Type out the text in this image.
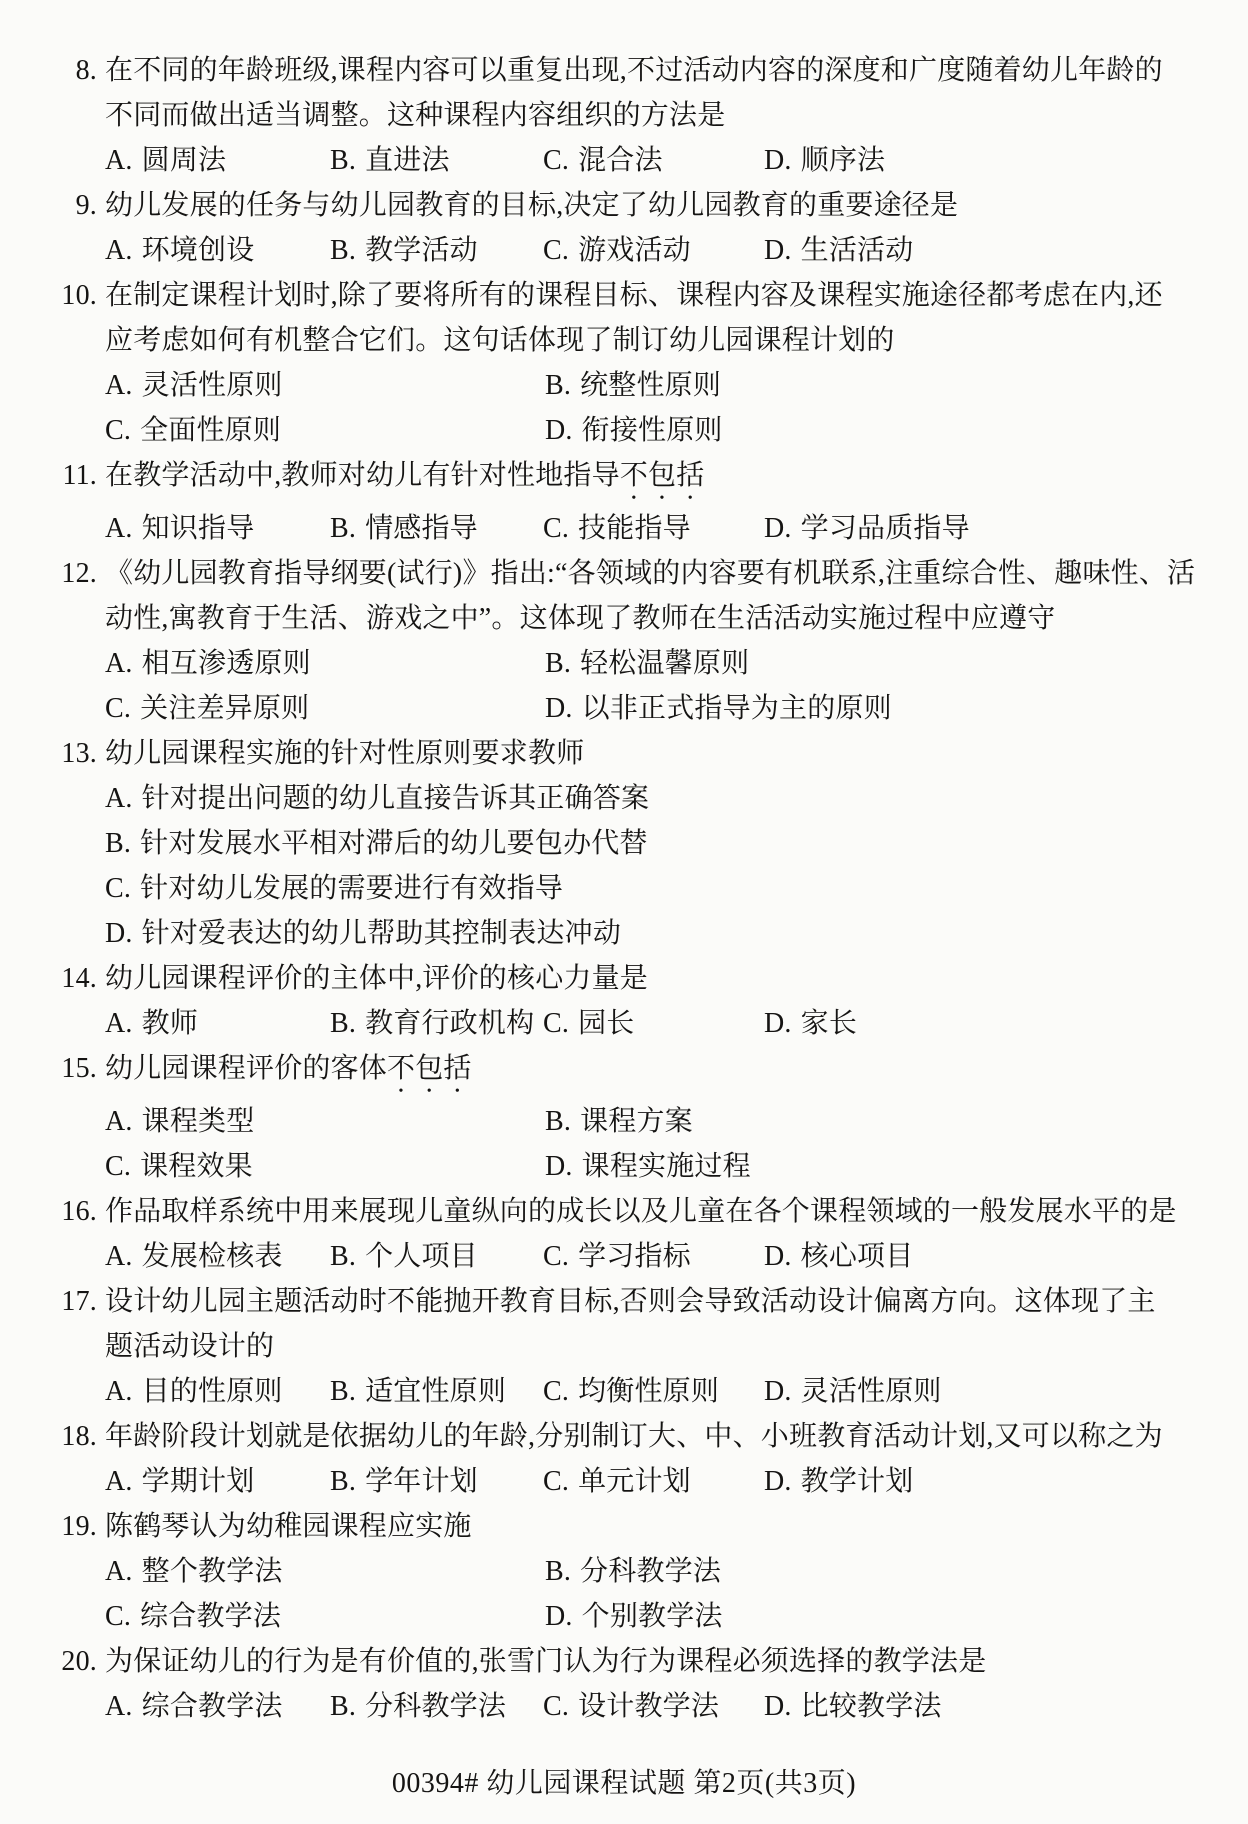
8. 在不同的年龄班级,课程内容可以重复出现,不过活动内容的深度和广度随着幼儿年龄的
不同而做出适当调整。这种课程内容组织的方法是
A. 圆周法	B. 直进法	C. 混合法	D. 顺序法
9. 幼儿发展的任务与幼儿园教育的目标,决定了幼儿园教育的重要途径是
A. 环境创设	B. 教学活动	C. 游戏活动	D. 生活活动
10. 在制定课程计划时,除了要将所有的课程目标、课程内容及课程实施途径都考虑在内,还
应考虑如何有机整合它们。这句话体现了制订幼儿园课程计划的
A. 灵活性原则	B. 统整性原则
C. 全面性原则	D. 衔接性原则
11. 在教学活动中,教师对幼儿有针对性地指导不包括
A. 知识指导	B. 情感指导	C. 技能指导	D. 学习品质指导
12. 《幼儿园教育指导纲要(试行)》指出:“各领域的内容要有机联系,注重综合性、趣味性、活
动性,寓教育于生活、游戏之中”。这体现了教师在生活活动实施过程中应遵守
A. 相互渗透原则	B. 轻松温馨原则
C. 关注差异原则	D. 以非正式指导为主的原则
13. 幼儿园课程实施的针对性原则要求教师
A. 针对提出问题的幼儿直接告诉其正确答案
B. 针对发展水平相对滞后的幼儿要包办代替
C. 针对幼儿发展的需要进行有效指导
D. 针对爱表达的幼儿帮助其控制表达冲动
14. 幼儿园课程评价的主体中,评价的核心力量是
A. 教师	B. 教育行政机构 C. 园长	D. 家长
15. 幼儿园课程评价的客体不包括
A. 课程类型	B. 课程方案
C. 课程效果	D. 课程实施过程
16. 作品取样系统中用来展现儿童纵向的成长以及儿童在各个课程领域的一般发展水平的是
A. 发展检核表	B. 个人项目	C. 学习指标	D. 核心项目
17. 设计幼儿园主题活动时不能抛开教育目标,否则会导致活动设计偏离方向。这体现了主
题活动设计的
A. 目的性原则	B. 适宜性原则	C. 均衡性原则	D. 灵活性原则
18. 年龄阶段计划就是依据幼儿的年龄,分别制订大、中、小班教育活动计划,又可以称之为
A. 学期计划	B. 学年计划	C. 单元计划	D. 教学计划
19. 陈鹤琴认为幼稚园课程应实施
A. 整个教学法	B. 分科教学法
C. 综合教学法	D. 个别教学法
20. 为保证幼儿的行为是有价值的,张雪门认为行为课程必须选择的教学法是
A. 综合教学法	B. 分科教学法	C. 设计教学法	D. 比较教学法
00394# 幼儿园课程试题 第2页(共3页)
